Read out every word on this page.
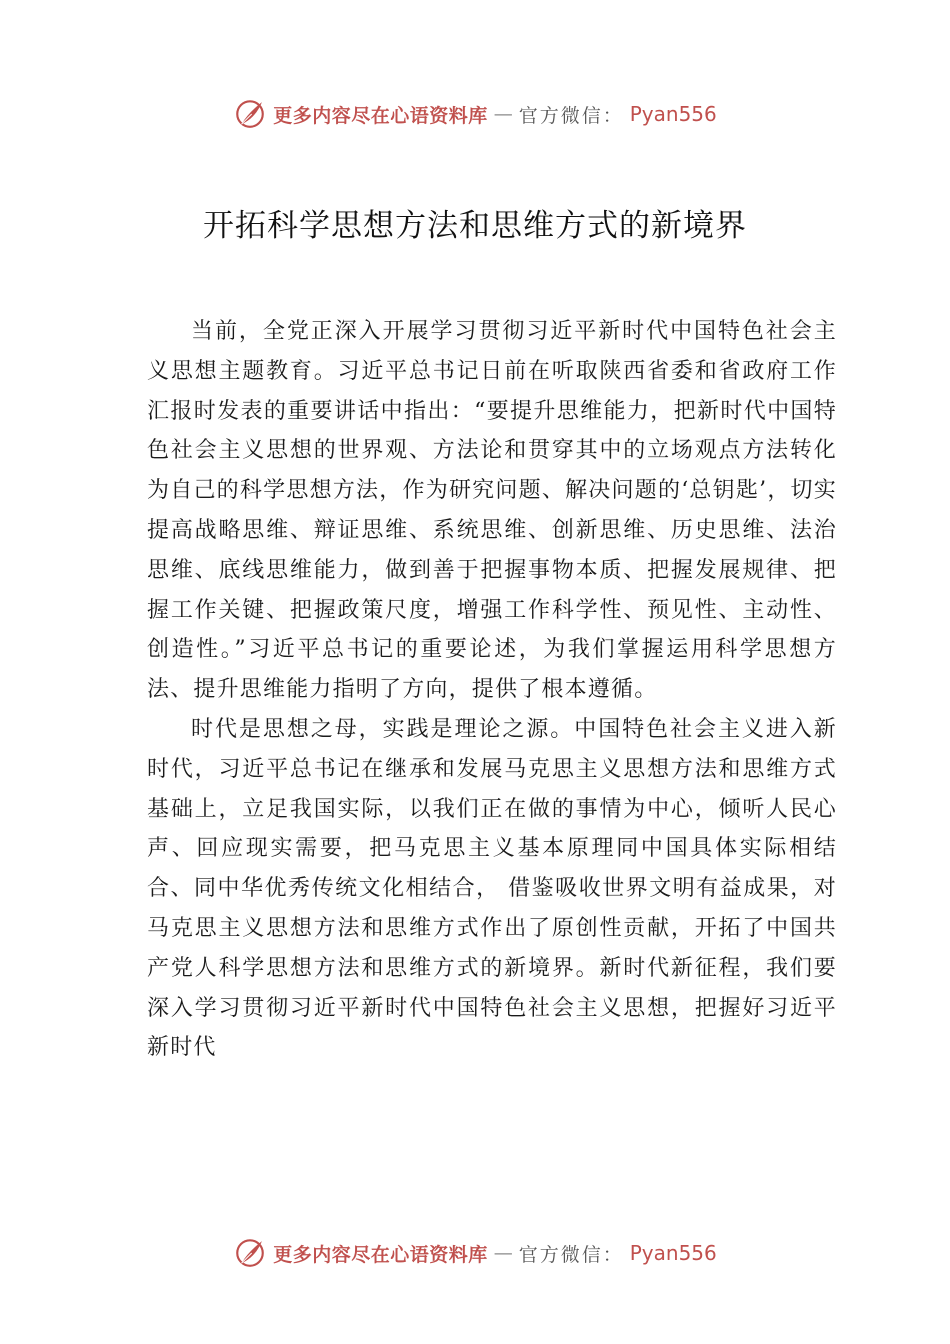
更多内容尽在心语资料库 — 官方微信： Pyan556
开拓科学思想方法和思维方式的新境界

当前，全党正深入开展学习贯彻习近平新时代中国特色社会主义思想主题教育。习近平总书记日前在听取陕西省委和省政府工作汇报时发表的重要讲话中指出：“要提升思维能力，把新时代中国特色社会主义思想的世界观、方法论和贯穿其中的立场观点方法转化为自己的科学思想方法，作为研究问题、解决问题的‘总钥匙’，切实提高战略思维、辩证思维、系统思维、创新思维、历史思维、法治思维、底线思维能力，做到善于把握事物本质、把握发展规律、把握工作关键、把握政策尺度，增强工作科学性、预见性、主动性、 创造性。”习近平总书记的重要论述，为我们掌握运用科学思想方法、提升思维能力指明了方向，提供了根本遵循。

时代是思想之母，实践是理论之源。中国特色社会主义进入新时代，习近平总书记在继承和发展马克思主义思想方法和思维方式基础上，立足我国实际，以我们正在做的事情为中心，倾听人民心声、回应现实需要，把马克思主义基本原理同中国具体实际相结合、同中华优秀传统文化相结合， 借鉴吸收世界文明有益成果，对马克思主义思想方法和思维方式作出了原创性贡献，开拓了中国共产党人科学思想方法和思维方式的新境界。新时代新征程，我们要深入学习贯彻习近平新时代中国特色社会主义思想，把握好习近平新时代

更多内容尽在心语资料库 — 官方微信： Pyan556
